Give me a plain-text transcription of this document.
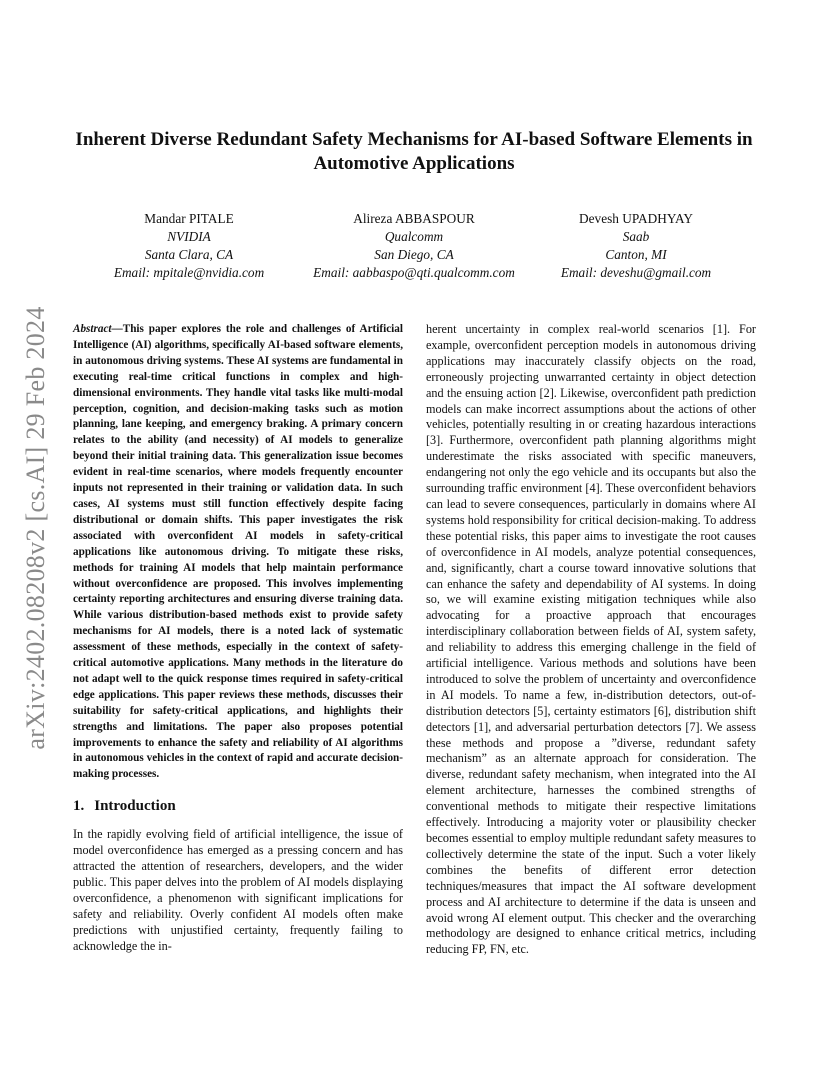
arXiv:2402.08208v2 [cs.AI] 29 Feb 2024
Inherent Diverse Redundant Safety Mechanisms for AI-based Software Elements in Automotive Applications
Mandar PITALE
NVIDIA
Santa Clara, CA
Email: mpitale@nvidia.com
Alireza ABBASPOUR
Qualcomm
San Diego, CA
Email: aabbaspo@qti.qualcomm.com
Devesh UPADHYAY
Saab
Canton, MI
Email: deveshu@gmail.com

Abstract—This paper explores the role and challenges of Artificial Intelligence (AI) algorithms, specifically AI-based software elements, in autonomous driving systems. These AI systems are fundamental in executing real-time critical functions in complex and high-dimensional environments. They handle vital tasks like multi-modal perception, cognition, and decision-making tasks such as motion planning, lane keeping, and emergency braking. A primary concern relates to the ability (and necessity) of AI models to generalize beyond their initial training data. This generalization issue becomes evident in real-time scenarios, where models frequently encounter inputs not represented in their training or validation data. In such cases, AI systems must still function effectively despite facing distributional or domain shifts. This paper investigates the risk associated with overconfident AI models in safety-critical applications like autonomous driving. To mitigate these risks, methods for training AI models that help maintain performance without overconfidence are proposed. This involves implementing certainty reporting architectures and ensuring diverse training data. While various distribution-based methods exist to provide safety mechanisms for AI models, there is a noted lack of systematic assessment of these methods, especially in the context of safety-critical automotive applications. Many methods in the literature do not adapt well to the quick response times required in safety-critical edge applications. This paper reviews these methods, discusses their suitability for safety-critical applications, and highlights their strengths and limitations. The paper also proposes potential improvements to enhance the safety and reliability of AI algorithms in autonomous vehicles in the context of rapid and accurate decision-making processes.

1. Introduction

In the rapidly evolving field of artificial intelligence, the issue of model overconfidence has emerged as a pressing concern and has attracted the attention of researchers, developers, and the wider public. This paper delves into the problem of AI models displaying overconfidence, a phenomenon with significant implications for safety and reliability. Overly confident AI models often make predictions with unjustified certainty, frequently failing to acknowledge the in-

herent uncertainty in complex real-world scenarios [1]. For example, overconfident perception models in autonomous driving applications may inaccurately classify objects on the road, erroneously projecting unwarranted certainty in object detection and the ensuing action [2]. Likewise, overconfident path prediction models can make incorrect assumptions about the actions of other vehicles, potentially resulting in or creating hazardous interactions [3]. Furthermore, overconfident path planning algorithms might underestimate the risks associated with specific maneuvers, endangering not only the ego vehicle and its occupants but also the surrounding traffic environment [4]. These overconfident behaviors can lead to severe consequences, particularly in domains where AI systems hold responsibility for critical decision-making. To address these potential risks, this paper aims to investigate the root causes of overconfidence in AI models, analyze potential consequences, and, significantly, chart a course toward innovative solutions that can enhance the safety and dependability of AI systems. In doing so, we will examine existing mitigation techniques while also advocating for a proactive approach that encourages interdisciplinary collaboration between fields of AI, system safety, and reliability to address this emerging challenge in the field of artificial intelligence. Various methods and solutions have been introduced to solve the problem of uncertainty and overconfidence in AI models. To name a few, in-distribution detectors, out-of-distribution detectors [5], certainty estimators [6], distribution shift detectors [1], and adversarial perturbation detectors [7]. We assess these methods and propose a ”diverse, redundant safety mechanism” as an alternate approach for consideration. The diverse, redundant safety mechanism, when integrated into the AI element architecture, harnesses the combined strengths of conventional methods to mitigate their respective limitations effectively. Introducing a majority voter or plausibility checker becomes essential to employ multiple redundant safety measures to collectively determine the state of the input. Such a voter likely combines the benefits of different error detection techniques/measures that impact the AI software development process and AI architecture to determine if the data is unseen and avoid wrong AI element output. This checker and the overarching methodology are designed to enhance critical metrics, including reducing FP, FN, etc.
